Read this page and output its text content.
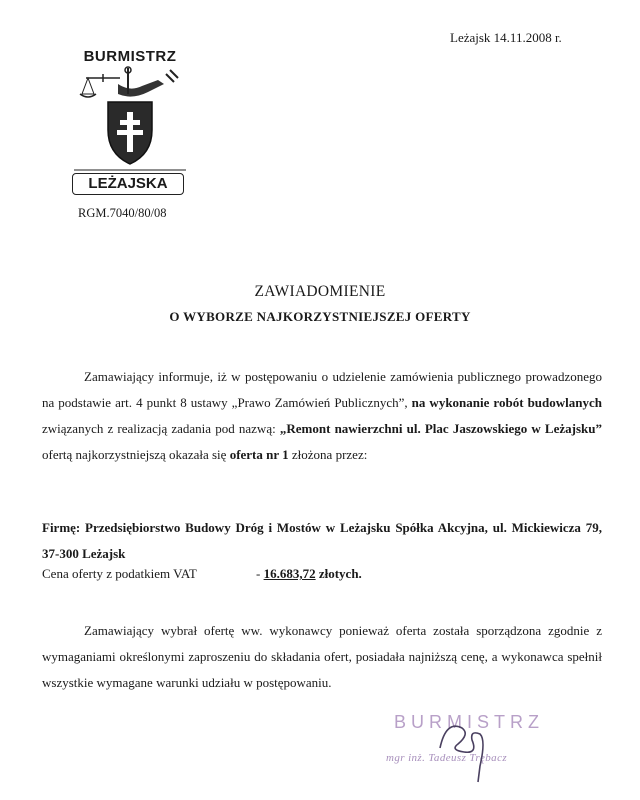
Leżajsk 14.11.2008 r.
BURMISTRZ
LEŻAJSKA
RGM.7040/80/08
ZAWIADOMIENIE
O WYBORZE NAJKORZYSTNIEJSZEJ OFERTY
Zamawiający informuje, iż w postępowaniu o udzielenie zamówienia publicznego prowadzonego na podstawie art. 4 punkt 8 ustawy „Prawo Zamówień Publicznych”, na wykonanie robót budowlanych związanych z realizacją zadania pod nazwą: „Remont nawierzchni ul. Plac Jaszowskiego w Leżajsku” ofertą najkorzystniejszą okazała się oferta nr 1 złożona przez:
Firmę: Przedsiębiorstwo Budowy Dróg i Mostów w Leżajsku Spółka Akcyjna, ul. Mickiewicza 79, 37-300 Leżajsk
Cena oferty z podatkiem VAT	- 16.683,72 złotych.
Zamawiający wybrał ofertę ww. wykonawcy ponieważ oferta została sporządzona zgodnie z wymaganiami określonymi zaproszeniu do składania ofert, posiadała najniższą cenę, a wykonawca spełnił wszystkie wymagane warunki udziału w postępowaniu.
BURMISTRZ
mgr inż. Tadeusz Trębacz
